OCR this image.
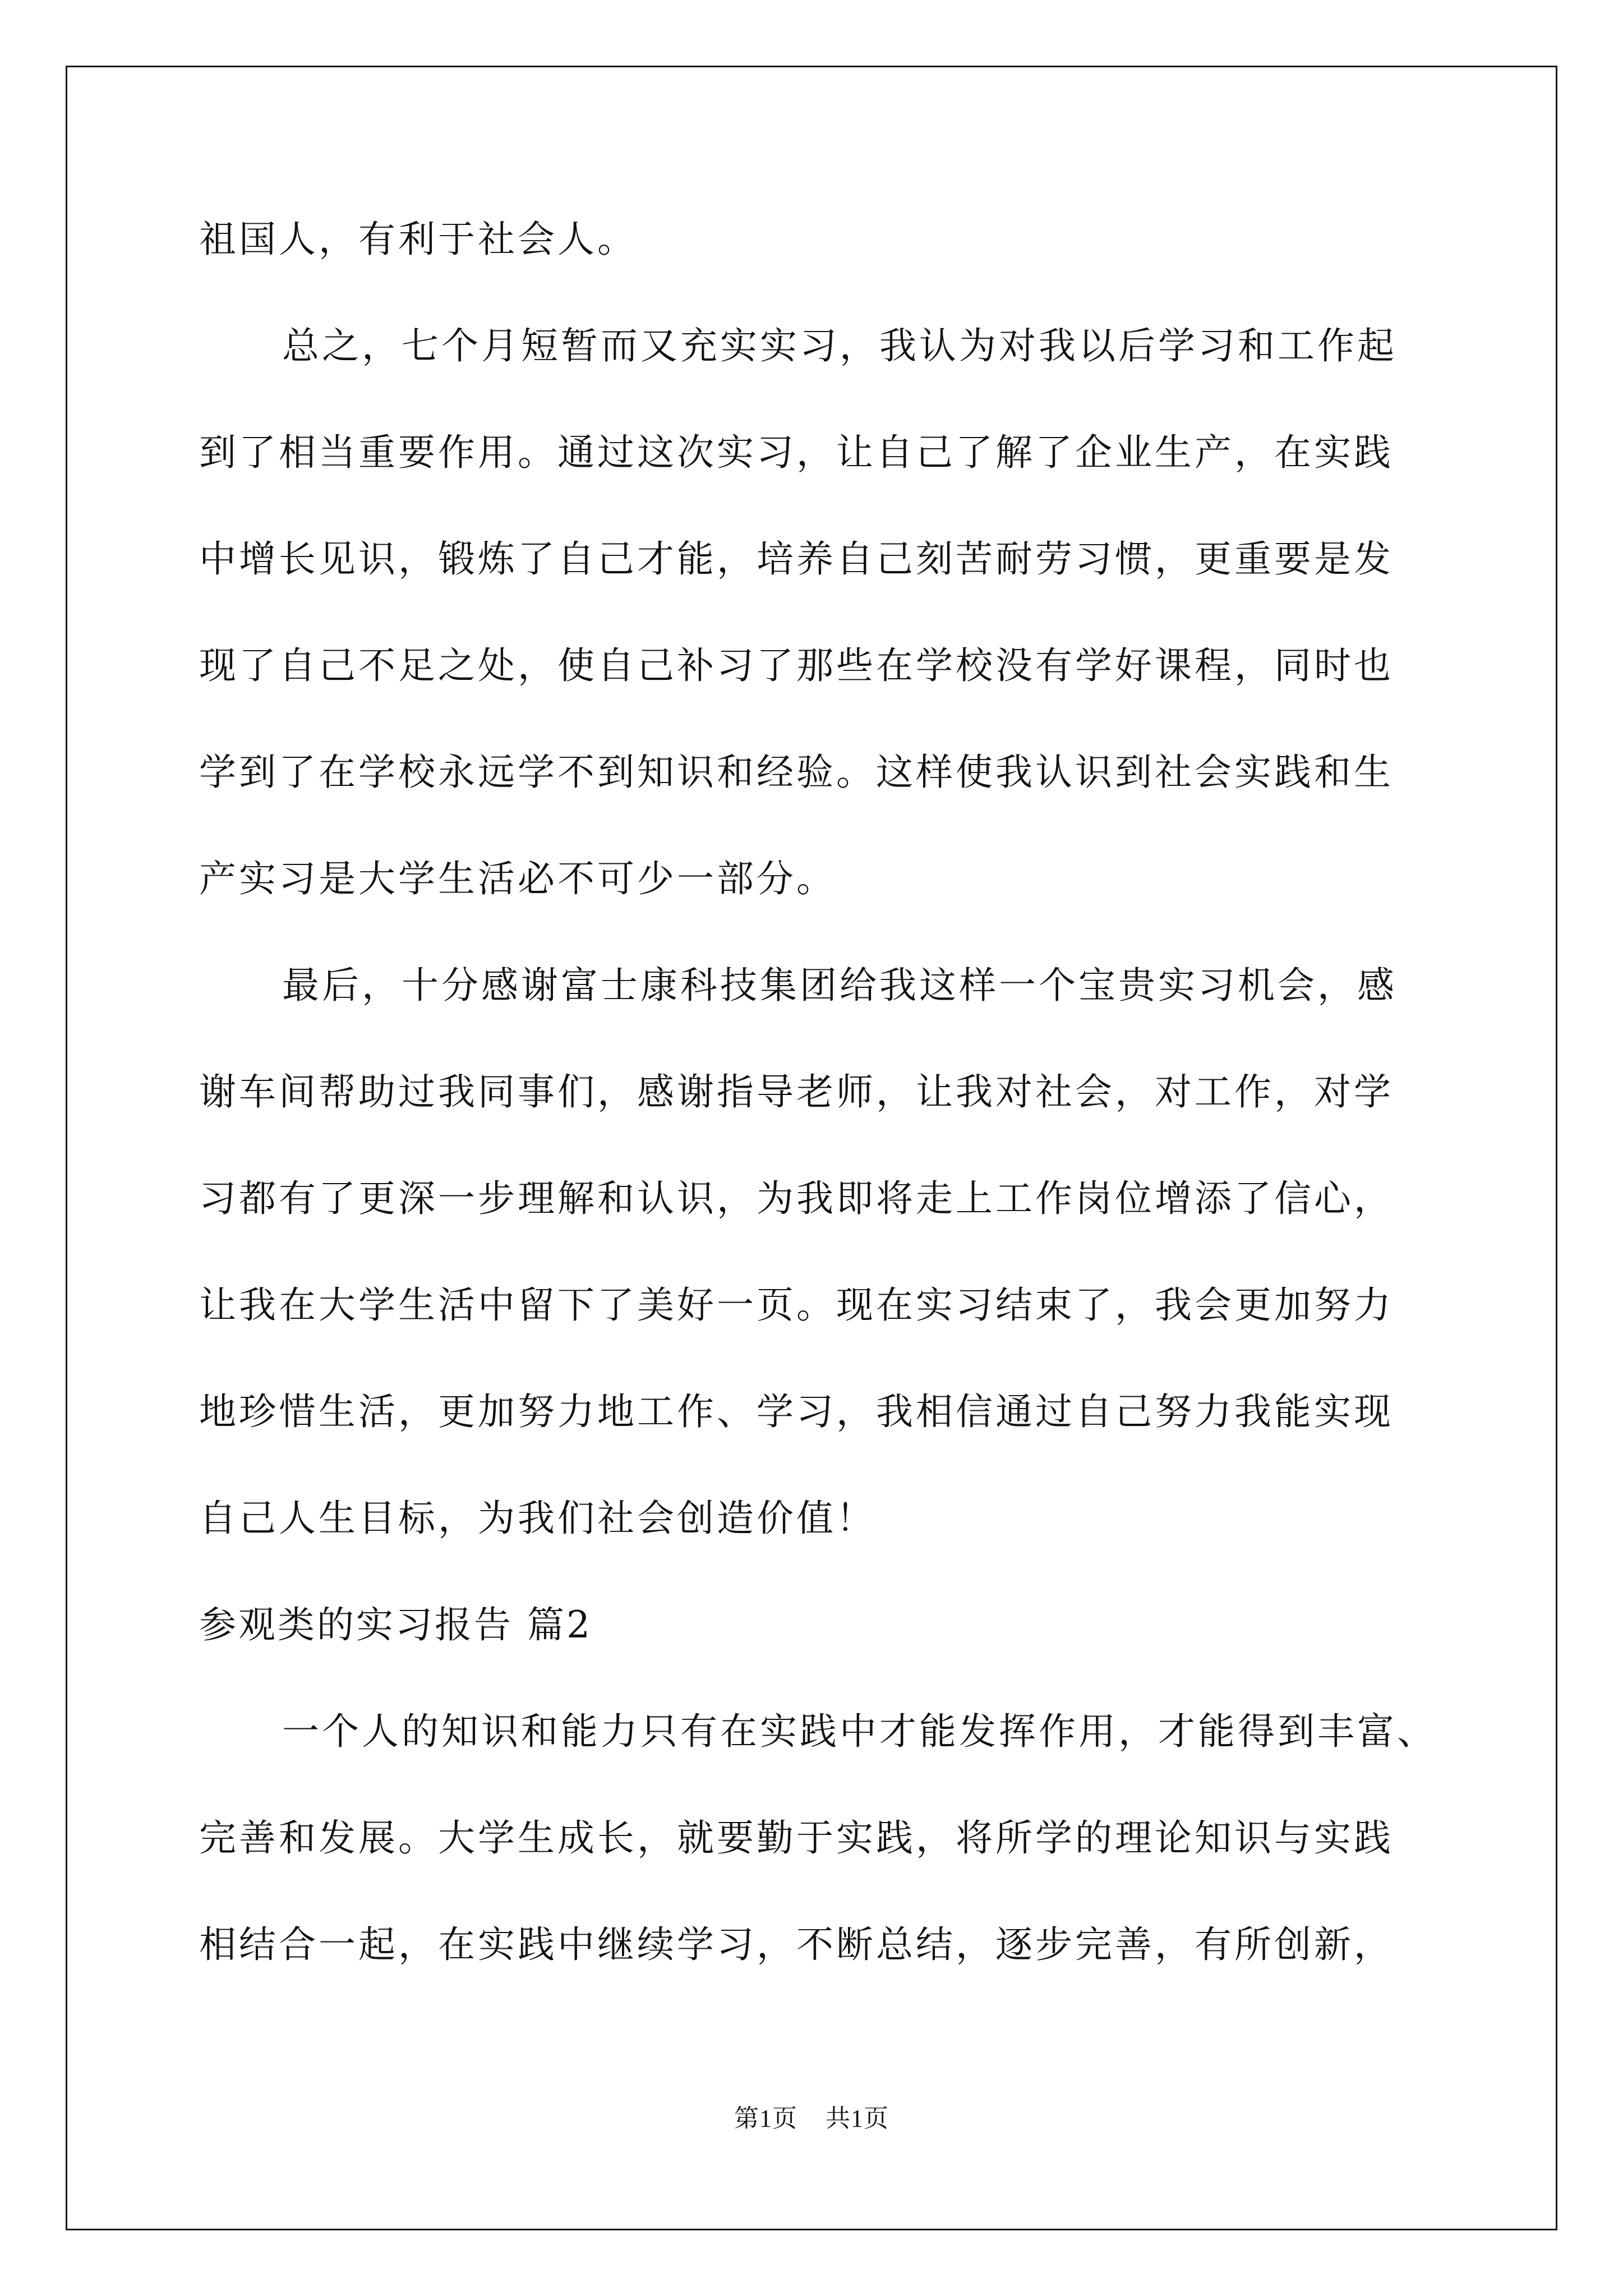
祖国人，有利于社会人。
总之，七个月短暂而又充实实习，我认为对我以后学习和工作起
到了相当重要作用。通过这次实习，让自己了解了企业生产，在实践
中增长见识，锻炼了自己才能，培养自己刻苦耐劳习惯，更重要是发
现了自己不足之处，使自己补习了那些在学校没有学好课程，同时也
学到了在学校永远学不到知识和经验。这样使我认识到社会实践和生
产实习是大学生活必不可少一部分。
最后，十分感谢富士康科技集团给我这样一个宝贵实习机会，感
谢车间帮助过我同事们，感谢指导老师，让我对社会，对工作，对学
习都有了更深一步理解和认识，为我即将走上工作岗位增添了信心，
让我在大学生活中留下了美好一页。现在实习结束了，我会更加努力
地珍惜生活，更加努力地工作、学习，我相信通过自己努力我能实现
自己人生目标，为我们社会创造价值！
参观类的实习报告 篇2
一个人的知识和能力只有在实践中才能发挥作用，才能得到丰富、
完善和发展。大学生成长，就要勤于实践，将所学的理论知识与实践
相结合一起，在实践中继续学习，不断总结，逐步完善，有所创新，
第1页 共1页
